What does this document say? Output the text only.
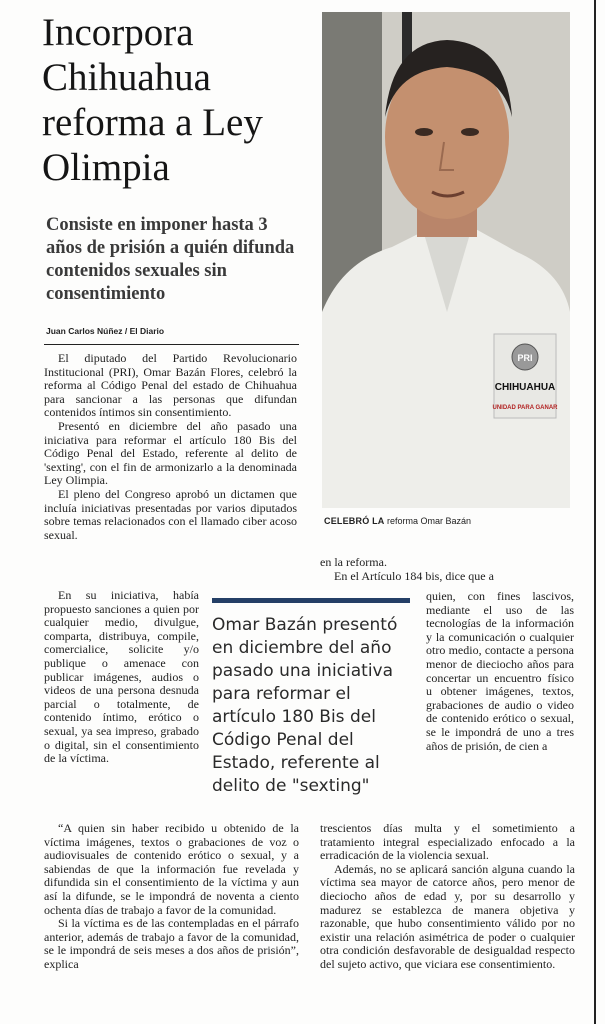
Incorpora Chihuahua reforma a Ley Olimpia
Consiste en imponer hasta 3 años de prisión a quién difunda contenidos sexuales sin consentimiento
Juan Carlos Núñez / El Diario
PRI
CHIHUAHUA
UNIDAD PARA GANAR
CELEBRÓ LA reforma Omar Bazán

El diputado del Partido Revolucionario Institucional (PRI), Omar Bazán Flores, celebró la reforma al Código Penal del estado de Chihuahua para sancionar a las personas que difundan contenidos íntimos sin consentimiento.

Presentó en diciembre del año pasado una iniciativa para reformar el artículo 180 Bis del Código Penal del Estado, referente al delito de 'sexting', con el fin de armonizarlo a la denominada Ley Olimpia.

El pleno del Congreso aprobó un dictamen que incluía iniciativas presentadas por varios diputados sobre temas relacionados con el llamado ciber acoso sexual.

En su iniciativa, había propuesto sanciones a quien por cualquier medio, divulgue, comparta, distribuya, compile, comercialice, solicite y/o publique o amenace con publicar imágenes, audios o videos de una persona desnuda parcial o totalmente, de contenido íntimo, erótico o sexual, ya sea impreso, grabado o digital, sin el consentimiento de la víctima.

Omar Bazán presentó en diciembre del año pasado una iniciativa para reformar el artículo 180 Bis del Código Penal del Estado, referente al delito de "sexting"

“A quien sin haber recibido u obtenido de la víctima imágenes, textos o grabaciones de voz o audiovisuales de contenido erótico o sexual, y a sabiendas de que la información fue revelada y difundida sin el consentimiento de la víctima y aun así la difunde, se le impondrá de noventa a ciento ochenta días de trabajo a favor de la comunidad.

Si la víctima es de las contempladas en el párrafo anterior, además de trabajo a favor de la comunidad, se le impondrá de seis meses a dos años de prisión”, explica

en la reforma.

En el Artículo 184 bis, dice que a

quien, con fines lascivos, mediante el uso de las tecnologías de la información y la comunicación o cualquier otro medio, contacte a persona menor de dieciocho años para concertar un encuentro físico u obtener imágenes, textos, grabaciones de audio o video de contenido erótico o sexual, se le impondrá de uno a tres años de prisión, de cien a

trescientos días multa y el sometimiento a tratamiento integral especializado enfocado a la erradicación de la violencia sexual.

Además, no se aplicará sanción alguna cuando la víctima sea mayor de catorce años, pero menor de dieciocho años de edad y, por su desarrollo y madurez se establezca de manera objetiva y razonable, que hubo consentimiento válido por no existir una relación asimétrica de poder o cualquier otra condición desfavorable de desigualdad respecto del sujeto activo, que viciara ese consentimiento.
